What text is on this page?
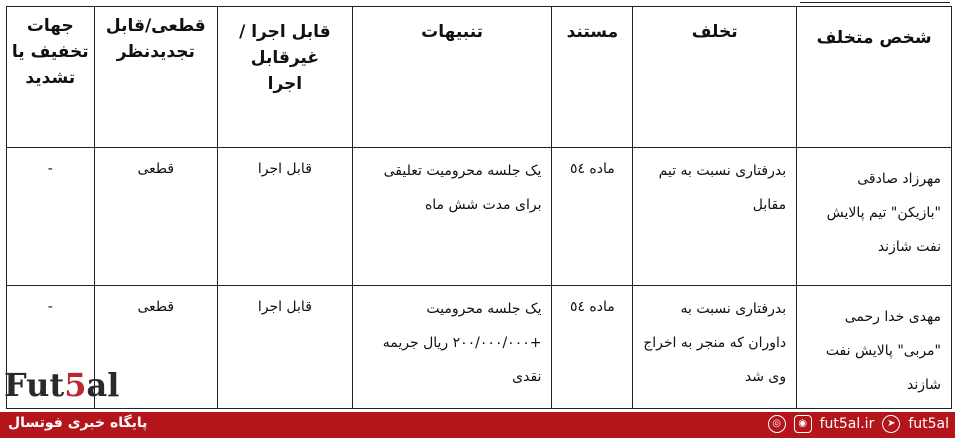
شخص متخلف	تخلف	مستند	تنبیهات	قابل اجرا /غیرقابل اجرا	قطعی/قابل تجدیدنظر	جهات تخفیف یا تشدید

مهرزاد صادقی "بازیکن" تیم پالایش نفت شازند	بدرفتاری نسبت به تیم مقابل	ماده ٥٤	یک جلسه محرومیت تعلیقی برای مدت شش ماه	قابل اجرا	قطعی	-

مهدی خدا رحمی "مربی" پالایش نفت شازند	بدرفتاری نسبت به داوران که منجر به اخراج وی شد	ماده ٥٤	یک جلسه محرومیت +۲۰۰/۰۰۰/۰۰۰ ریال جریمه نقدی	قابل اجرا	قطعی	-
Fut5al
پایگاه خبری فوتسال	◎	◉ fut5al.ir	➤ fut5al
